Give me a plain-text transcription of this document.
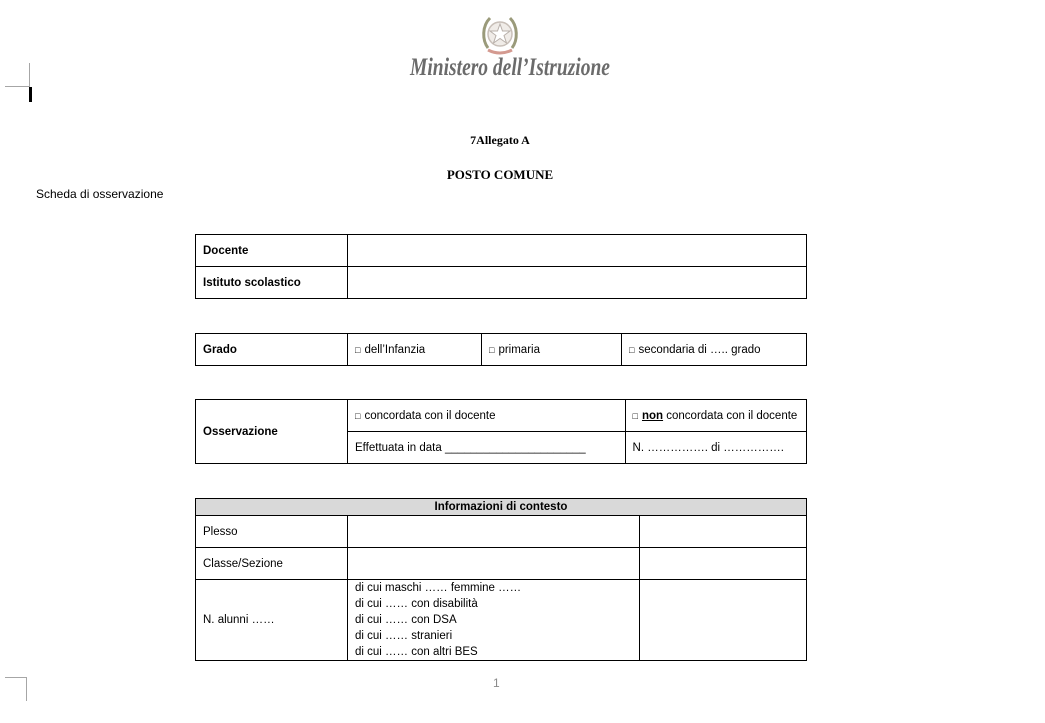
Ministero dell’Istruzione
7Allegato A
POSTO COMUNE
Scheda di osservazione
Docente	
Istituto scolastico	
Grado	□ dell’Infanzia	□ primaria	□ secondaria di ….. grado
Osservazione	□ concordata con il docente	□ non concordata con il docente
	Effettuata in data ______________________	N. ……………. di …………….
Informazioni di contesto		
Plesso		
Classe/Sezione		
N. alunni ……	di cui maschi …… femmine ……
di cui …… con disabilità
di cui …… con DSA
di cui …… stranieri
di cui …… con altri BES	

1
